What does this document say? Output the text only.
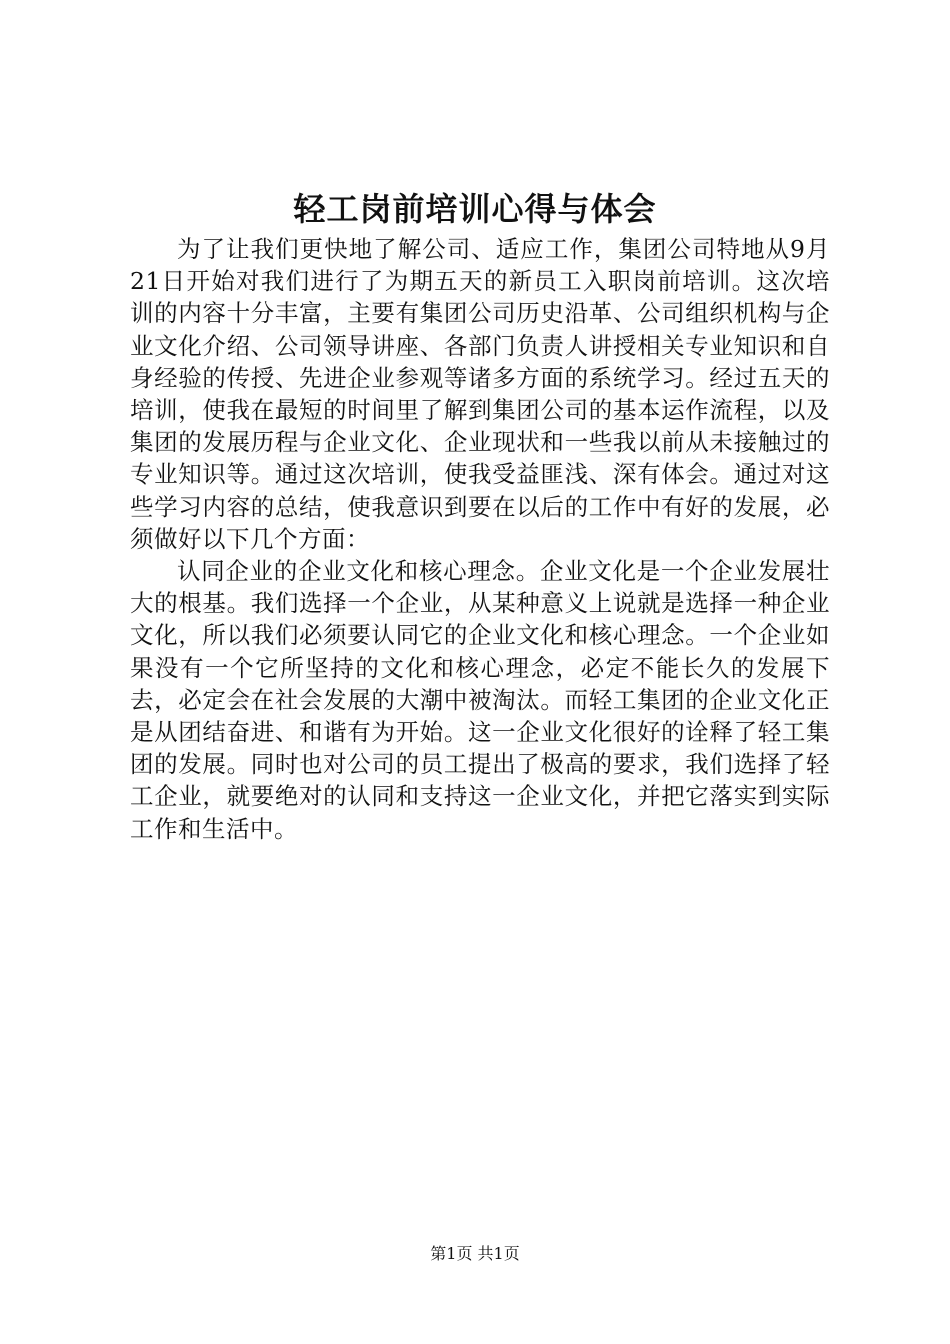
轻工岗前培训心得与体会

为了让我们更快地了解公司、适应工作，集团公司特地从9月21日开始对我们进行了为期五天的新员工入职岗前培训。这次培训的内容十分丰富，主要有集团公司历史沿革、公司组织机构与企业文化介绍、公司领导讲座、各部门负责人讲授相关专业知识和自身经验的传授、先进企业参观等诸多方面的系统学习。经过五天的培训，使我在最短的时间里了解到集团公司的基本运作流程，以及集团的发展历程与企业文化、企业现状和一些我以前从未接触过的专业知识等。通过这次培训，使我受益匪浅、深有体会。通过对这些学习内容的总结，使我意识到要在以后的工作中有好的发展，必须做好以下几个方面：

认同企业的企业文化和核心理念。企业文化是一个企业发展壮大的根基。我们选择一个企业，从某种意义上说就是选择一种企业文化，所以我们必须要认同它的企业文化和核心理念。一个企业如果没有一个它所坚持的文化和核心理念，必定不能长久的发展下去，必定会在社会发展的大潮中被淘汰。而轻工集团的企业文化正是从团结奋进、和谐有为开始。这一企业文化很好的诠释了轻工集团的发展。同时也对公司的员工提出了极高的要求，我们选择了轻工企业，就要绝对的认同和支持这一企业文化，并把它落实到实际工作和生活中。

第1页 共1页
